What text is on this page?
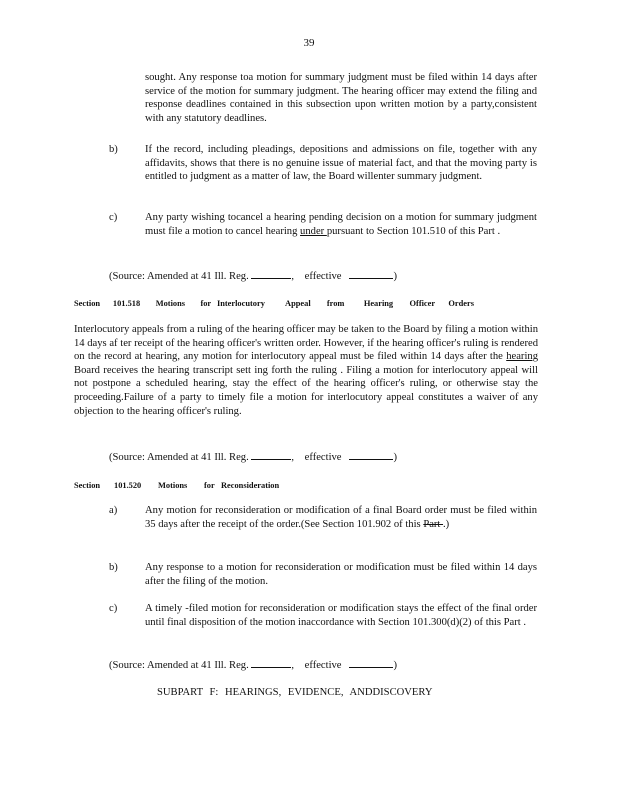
39
sought. Any response toa motion for summary judgment must be filed within 14 days after service of the motion for summary judgment. The hearing officer may extend the filing and response deadlines contained in this subsection upon written motion by a party,consistent with any statutory deadlines.
b)	If the record, including pleadings, depositions and admissions on file, together with any affidavits, shows that there is no genuine issue of material fact, and that the moving party is entitled to judgment as a matter of law, the Board willenter summary judgment.
c)	Any party wishing tocancel a hearing pending decision on a motion for summary judgment must file a motion to cancel hearing under pursuant to Section 101.510 of this Part .
(Source: Amended at 41 Ill. Reg.	, effective	)
Section	101.518	Motions	for Interlocutory	Appeal	from	Hearing	Officer	Orders
Interlocutory appeals from a ruling of the hearing officer may be taken to the Board by filing a motion within 14 days af ter receipt of the hearing officer's written order. However, if the hearing officer's ruling is rendered on the record at hearing, any motion for interlocutory appeal must be filed within 14 days after the hearing Board receives the hearing transcript sett ing forth the ruling . Filing a motion for interlocutory appeal will not postpone a scheduled hearing, stay the effect of the hearing officer's ruling, or otherwise stay the proceeding.Failure of a party to timely file a motion for interlocutory appeal constitutes a waiver of any objection to the hearing officer's ruling.
(Source: Amended at 41 Ill. Reg.	, effective	)
Section	101.520	Motions	for Reconsideration
a)	Any motion for reconsideration or modification of a final Board order must be filed within 35 days after the receipt of the order.(See Section 101.902 of this Part .)
b)	Any response to a motion for reconsideration or modification must be filed within 14 days after the filing of the motion.
c)	A timely -filed motion for reconsideration or modification stays the effect of the final order until final disposition of the motion inaccordance with Section 101.300(d)(2) of this Part .
(Source: Amended at 41 Ill. Reg.	, effective	)
SUBPART F: HEARINGS, EVIDENCE, ANDDISCOVERY
